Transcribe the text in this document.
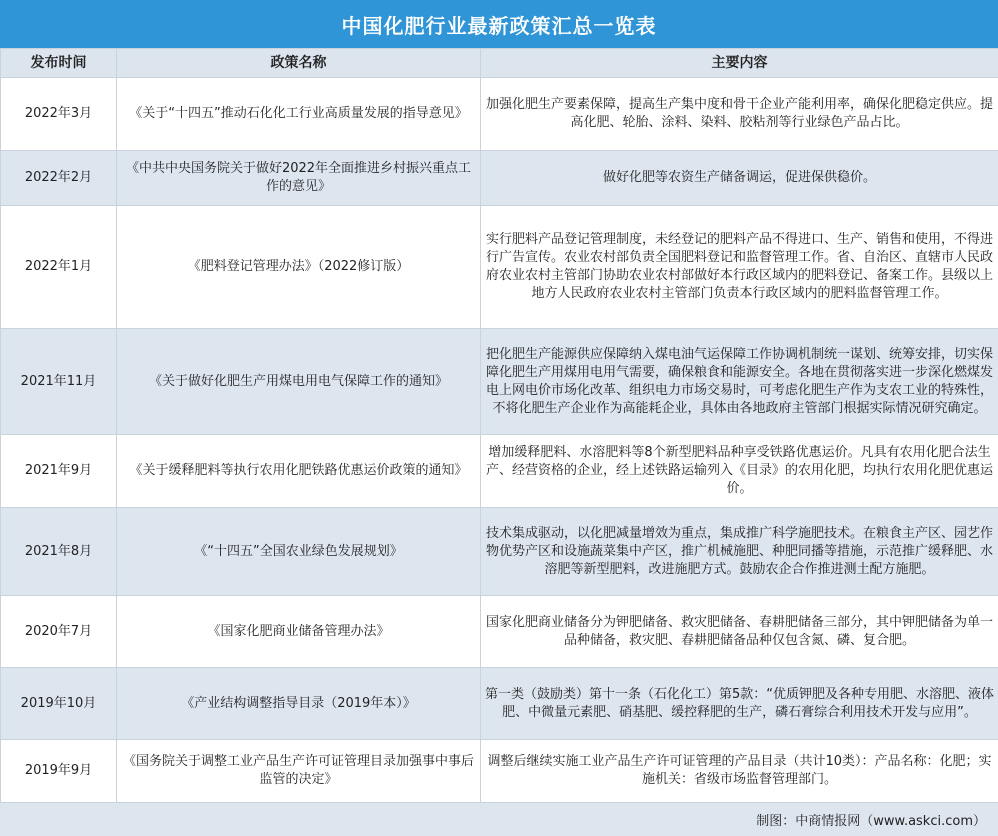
中国化肥行业最新政策汇总一览表
发布时间	政策名称	主要内容
2022年3月	《关于“十四五”推动石化化工行业高质量发展的指导意见》	加强化肥生产要素保障，提高生产集中度和骨干企业产能利用率，确保化肥稳定供应。提高化肥、轮胎、涂料、染料、胶粘剂等行业绿色产品占比。
2022年2月	《中共中央国务院关于做好2022年全面推进乡村振兴重点工作的意见》	做好化肥等农资生产储备调运，促进保供稳价。
2022年1月	《肥料登记管理办法》（2022修订版）	实行肥料产品登记管理制度，未经登记的肥料产品不得进口、生产、销售和使用，不得进行广告宣传。农业农村部负责全国肥料登记和监督管理工作。省、自治区、直辖市人民政府农业农村主管部门协助农业农村部做好本行政区域内的肥料登记、备案工作。县级以上地方人民政府农业农村主管部门负责本行政区域内的肥料监督管理工作。
2021年11月	《关于做好化肥生产用煤电用电气保障工作的通知》	把化肥生产能源供应保障纳入煤电油气运保障工作协调机制统一谋划、统筹安排，切实保障化肥生产用煤用电用气需要，确保粮食和能源安全。各地在贯彻落实进一步深化燃煤发电上网电价市场化改革、组织电力市场交易时，可考虑化肥生产作为支农工业的特殊性，不将化肥生产企业作为高能耗企业，具体由各地政府主管部门根据实际情况研究确定。
2021年9月	《关于缓释肥料等执行农用化肥铁路优惠运价政策的通知》	增加缓释肥料、水溶肥料等8个新型肥料品种享受铁路优惠运价。凡具有农用化肥合法生产、经营资格的企业，经上述铁路运输列入《目录》的农用化肥，均执行农用化肥优惠运价。
2021年8月	《“十四五”全国农业绿色发展规划》	技术集成驱动，以化肥减量增效为重点，集成推广科学施肥技术。在粮食主产区、园艺作物优势产区和设施蔬菜集中产区，推广机械施肥、种肥同播等措施，示范推广缓释肥、水溶肥等新型肥料，改进施肥方式。鼓励农企合作推进测土配方施肥。
2020年7月	《国家化肥商业储备管理办法》	国家化肥商业储备分为钾肥储备、救灾肥储备、春耕肥储备三部分，其中钾肥储备为单一品种储备，救灾肥、春耕肥储备品种仅包含氮、磷、复合肥。
2019年10月	《产业结构调整指导目录（2019年本）》	第一类（鼓励类）第十一条（石化化工）第5款：“优质钾肥及各种专用肥、水溶肥、液体肥、中微量元素肥、硝基肥、缓控释肥的生产，磷石膏综合利用技术开发与应用”。
2019年9月	《国务院关于调整工业产品生产许可证管理目录加强事中事后监管的决定》	调整后继续实施工业产品生产许可证管理的产品目录（共计10类）：产品名称：化肥；实施机关：省级市场监督管理部门。
制图：中商情报网（www.askci.com）
